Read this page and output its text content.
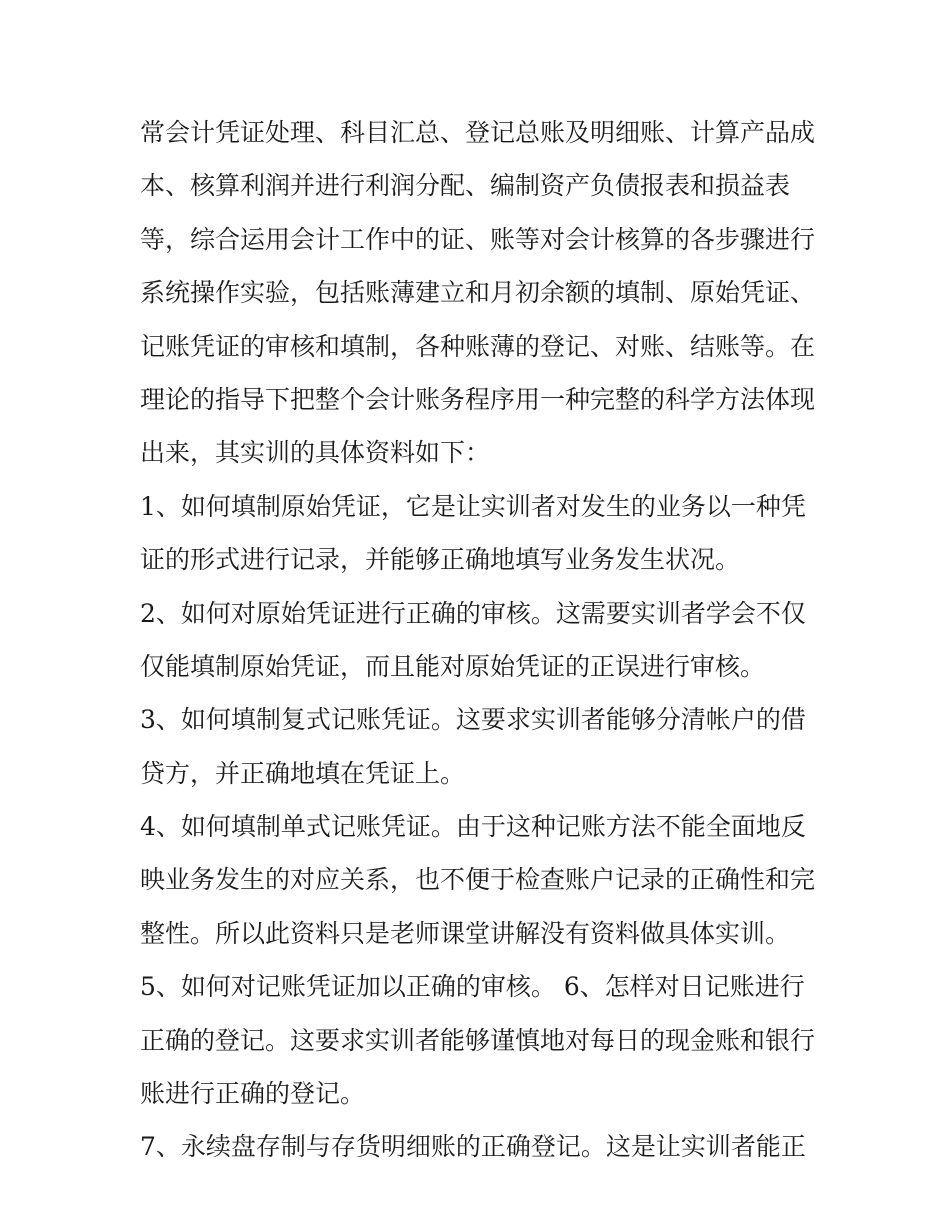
常会计凭证处理、科目汇总、登记总账及明细账、计算产品成
本、核算利润并进行利润分配、编制资产负债报表和损益表
等，综合运用会计工作中的证、账等对会计核算的各步骤进行
系统操作实验，包括账薄建立和月初余额的填制、原始凭证、
记账凭证的审核和填制，各种账薄的登记、对账、结账等。在
理论的指导下把整个会计账务程序用一种完整的科学方法体现
出来，其实训的具体资料如下：
1、如何填制原始凭证，它是让实训者对发生的业务以一种凭
证的形式进行记录，并能够正确地填写业务发生状况。
2、如何对原始凭证进行正确的审核。这需要实训者学会不仅
仅能填制原始凭证，而且能对原始凭证的正误进行审核。
3、如何填制复式记账凭证。这要求实训者能够分清帐户的借
贷方，并正确地填在凭证上。
4、如何填制单式记账凭证。由于这种记账方法不能全面地反
映业务发生的对应关系，也不便于检查账户记录的正确性和完
整性。所以此资料只是老师课堂讲解没有资料做具体实训。
5、如何对记账凭证加以正确的审核。 6、怎样对日记账进行
正确的登记。这要求实训者能够谨慎地对每日的现金账和银行
账进行正确的登记。
7、永续盘存制与存货明细账的正确登记。这是让实训者能正
